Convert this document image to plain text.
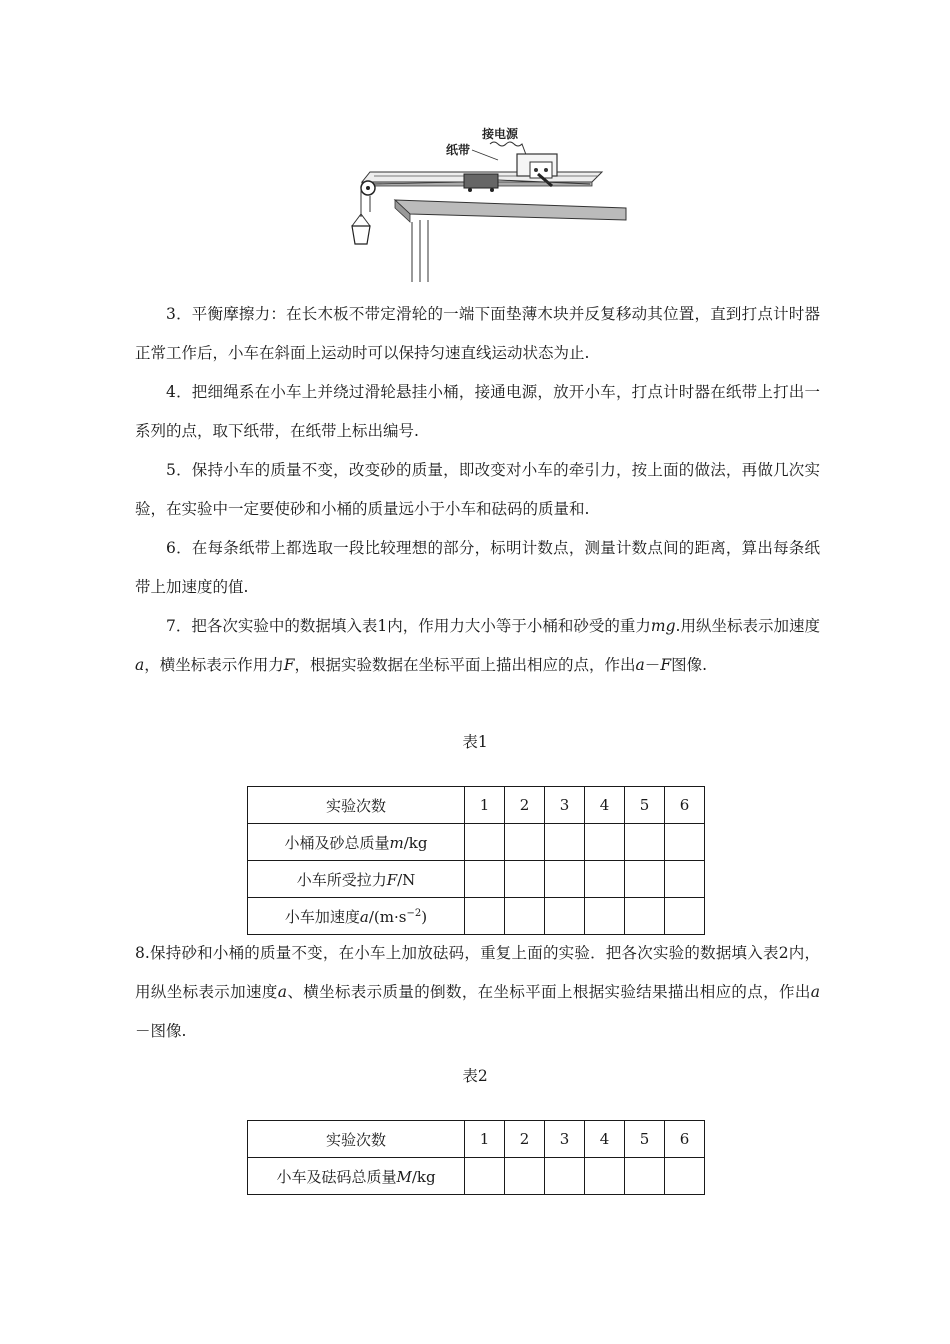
接电源
纸带

3．平衡摩擦力：在长木板不带定滑轮的一端下面垫薄木块并反复移动其位置，直到打点计时器正常工作后，小车在斜面上运动时可以保持匀速直线运动状态为止.

4．把细绳系在小车上并绕过滑轮悬挂小桶，接通电源，放开小车，打点计时器在纸带上打出一系列的点，取下纸带，在纸带上标出编号.

5．保持小车的质量不变，改变砂的质量，即改变对小车的牵引力，按上面的做法，再做几次实验，在实验中一定要使砂和小桶的质量远小于小车和砝码的质量和.

6．在每条纸带上都选取一段比较理想的部分，标明计数点，测量计数点间的距离，算出每条纸带上加速度的值.

7．把各次实验中的数据填入表1内，作用力大小等于小桶和砂受的重力mg.用纵坐标表示加速度a，横坐标表示作用力F，根据实验数据在坐标平面上描出相应的点，作出a－F图像.

表1

实验次数	1	2	3	4	5	6
小桶及砂总质量m/kg						
小车所受拉力F/N						
小车加速度$a/(m\cdot s^{-2})$						

8.保持砂和小桶的质量不变，在小车上加放砝码，重复上面的实验．把各次实验的数据填入表2内，用纵坐标表示加速度a、横坐标表示质量的倒数，在坐标平面上根据实验结果描出相应的点，作出a－图像.

表2

实验次数	1	2	3	4	5	6
小车及砝码总质量M/kg						
